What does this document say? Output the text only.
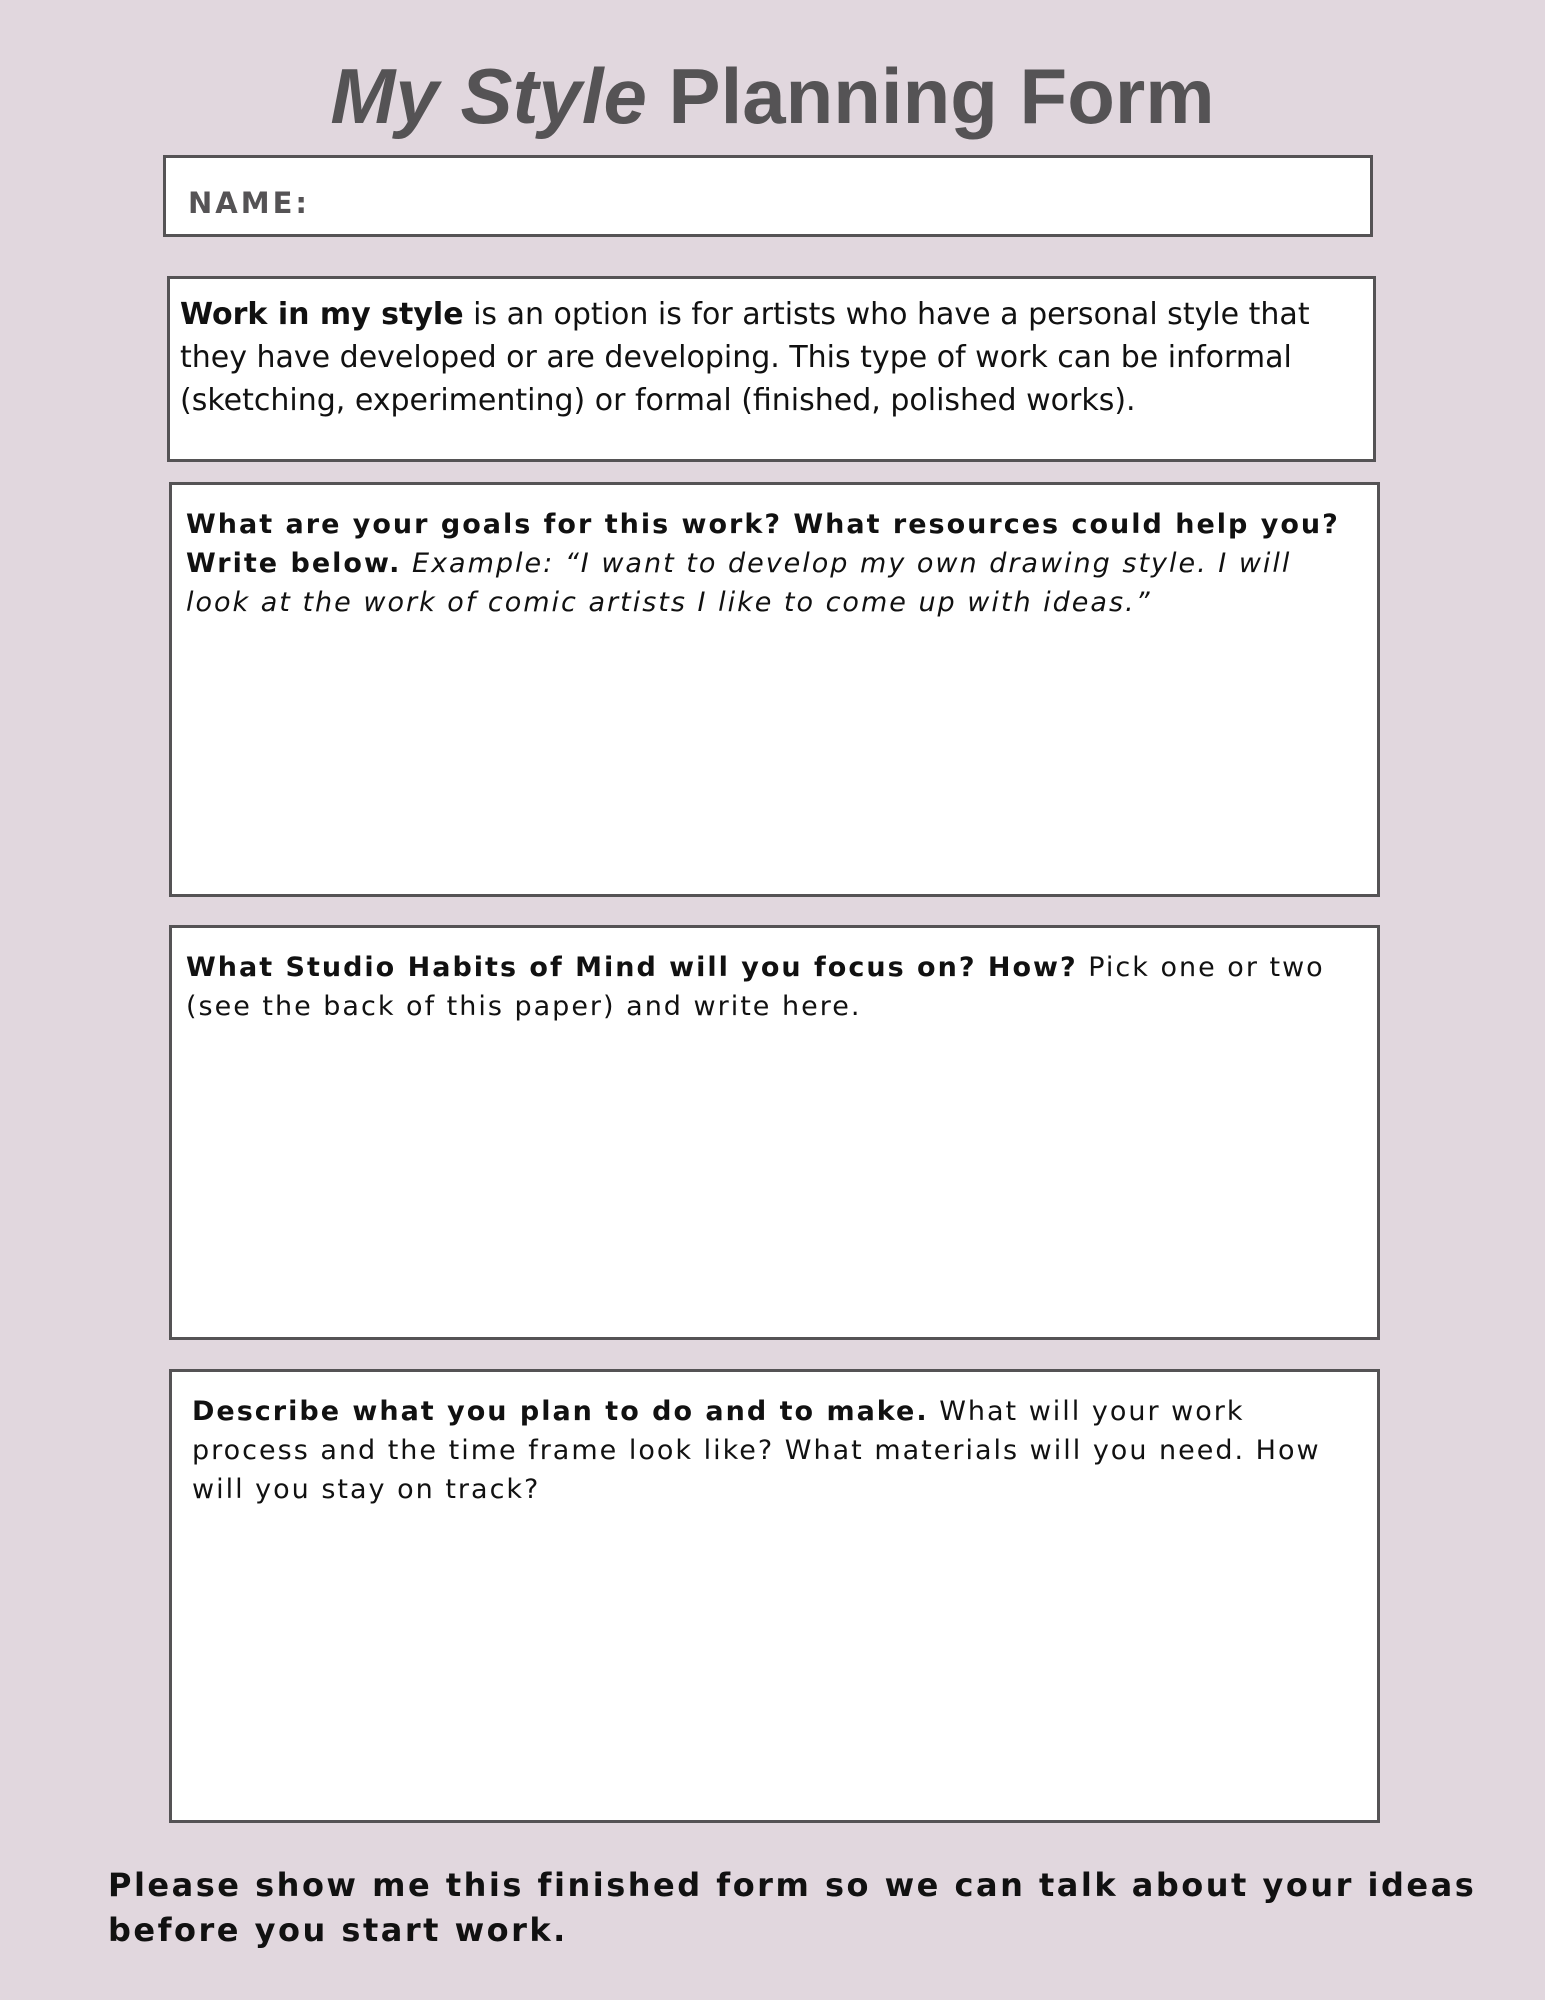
My Style Planning Form
NAME:
Work in my style is an option is for artists who have a personal style that they have developed or are developing. This type of work can be informal (sketching, experimenting) or formal (finished, polished works).
What are your goals for this work? What resources could help you? Write below. Example: “I want to develop my own drawing style. I will look at the work of comic artists I like to come up with ideas.”
What Studio Habits of Mind will you focus on? How? Pick one or two (see the back of this paper) and write here.
Describe what you plan to do and to make. What will your work process and the time frame look like? What materials will you need. How will you stay on track?
Please show me this finished form so we can talk about your ideas before you start work.
